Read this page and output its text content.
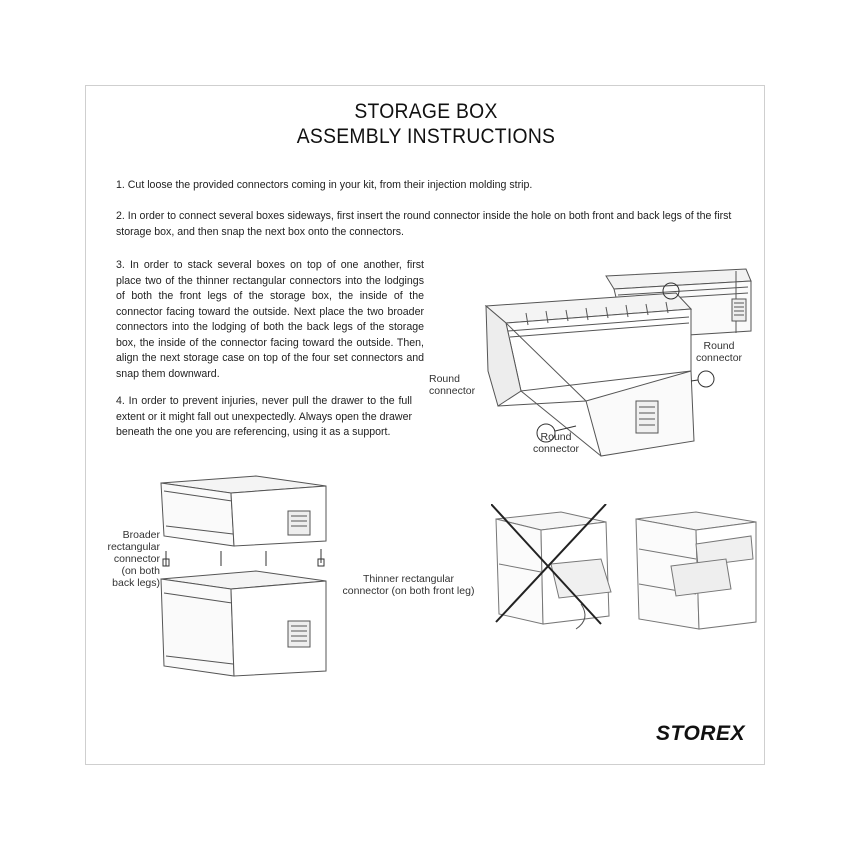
STORAGE BOX
ASSEMBLY INSTRUCTIONS
1. Cut loose the provided connectors coming in your kit, from their injection molding strip.
2. In order to connect several boxes sideways, first insert the round connector inside the hole on both front and back legs of the first storage box, and then snap the next box onto the connectors.
3. In order to stack several boxes on top of one another, first place two of the thinner rectangular connectors into the lodgings of both the front legs of the storage box, the inside of the connector facing toward the outside. Next place the two broader connectors into the lodging of both the back legs of the storage box, the inside of the connector facing toward the outside. Then, align the next storage case on top of the four set connectors and snap them downward.
4. In order to prevent injuries, never pull the drawer to the full extent or it might fall out unexpectedly. Always open the drawer beneath the one you are referencing, using it as a support.
Round
connector
Round
connector
Round
connector
Broader
rectangular
connector
(on both
back legs)	Thinner rectangular
connector (on both front leg)
STOREX
